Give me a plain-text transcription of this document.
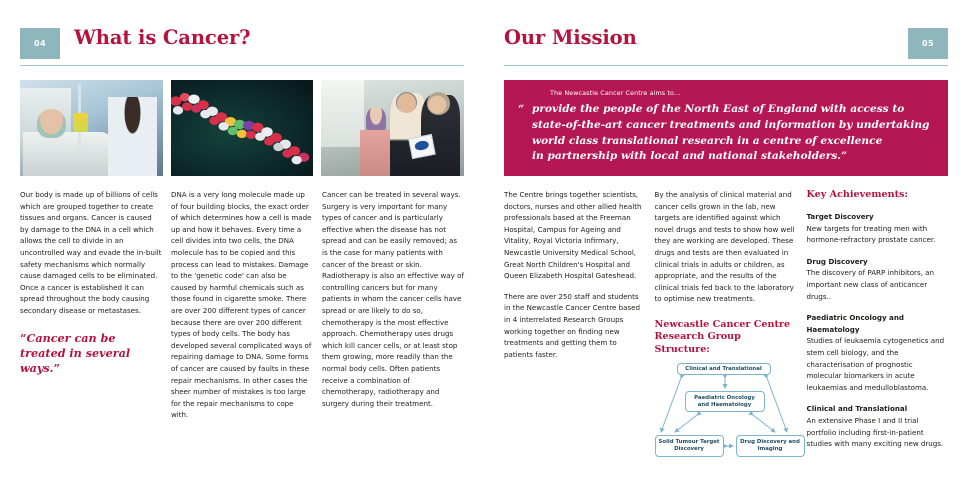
04	What is Cancer?

Our body is made up of billions of cells which are grouped together to create tissues and organs. Cancer is caused by damage to the DNA in a cell which allows the cell to divide in an uncontrolled way and evade the in-built safety mechanisms which normally cause damaged cells to be eliminated. Once a cancer is established it can spread throughout the body causing secondary disease or metastases.

“Cancer can be treated in several ways.”

DNA is a very long molecule made up of four building blocks, the exact order of which determines how a cell is made up and how it behaves. Every time a cell divides into two cells, the DNA molecule has to be copied and this process can lead to mistakes. Damage to the 'genetic code' can also be caused by harmful chemicals such as those found in cigarette smoke. There are over 200 different types of cancer because there are over 200 different types of body cells. The body has developed several complicated ways of repairing damage to DNA. Some forms of cancer are caused by faults in these repair mechanisms. In other cases the sheer number of mistakes is too large for the repair mechanisms to cope with.

Cancer can be treated in several ways. Surgery is very important for many types of cancer and is particularly effective when the disease has not spread and can be easily removed; as is the case for many patients with cancer of the breast or skin. Radiotherapy is also an effective way of controlling cancers but for many patients in whom the cancer cells have spread or are likely to do so, chemotherapy is the most effective approach. Chemotherapy uses drugs which kill cancer cells, or at least stop them growing, more readily than the normal body cells. Often patients receive a combination of chemotherapy, radiotherapy and surgery during their treatment.

Our Mission	05
The Newcastle Cancer Centre aims to…
“ provide the people of the North East of England with access to
state-of-the-art cancer treatments and information by undertaking
world class translational research in a centre of excellence
in partnership with local and national stakeholders.”

The Centre brings together scientists, doctors, nurses and other allied health professionals based at the Freeman Hospital, Campus for Ageing and Vitality, Royal Victoria Infirmary, Newcastle University Medical School, Great North Children's Hospital and Queen Elizabeth Hospital Gateshead.

There are over 250 staff and students in the Newcastle Cancer Centre based in 4 interrelated Research Groups working together on finding new treatments and getting them to patients faster.

By the analysis of clinical material and cancer cells grown in the lab, new targets are identified against which novel drugs and tests to show how well they are working are developed. These drugs and tests are then evaluated in clinical trials in adults or children, as appropriate, and the results of the clinical trials fed back to the laboratory to optimise new treatments.

Newcastle Cancer Centre Research Group Structure:
Clinical and Translational
Paediatric Oncology and Haematology
Solid Tumour Target Discovery
Drug Discovery and Imaging
Key Achievements:
Target Discovery
New targets for treating men with hormone-refractory prostate cancer.
Drug Discovery
The discovery of PARP inhibitors, an important new class of anticancer drugs..
Paediatric Oncology and Haematology
Studies of leukaemia cytogenetics and stem cell biology, and the characterisation of prognostic molecular biomarkers in acute leukaemias and medulloblastoma.
Clinical and Translational
An extensive Phase I and II trial portfolio including first-in-patient studies with many exciting new drugs.
